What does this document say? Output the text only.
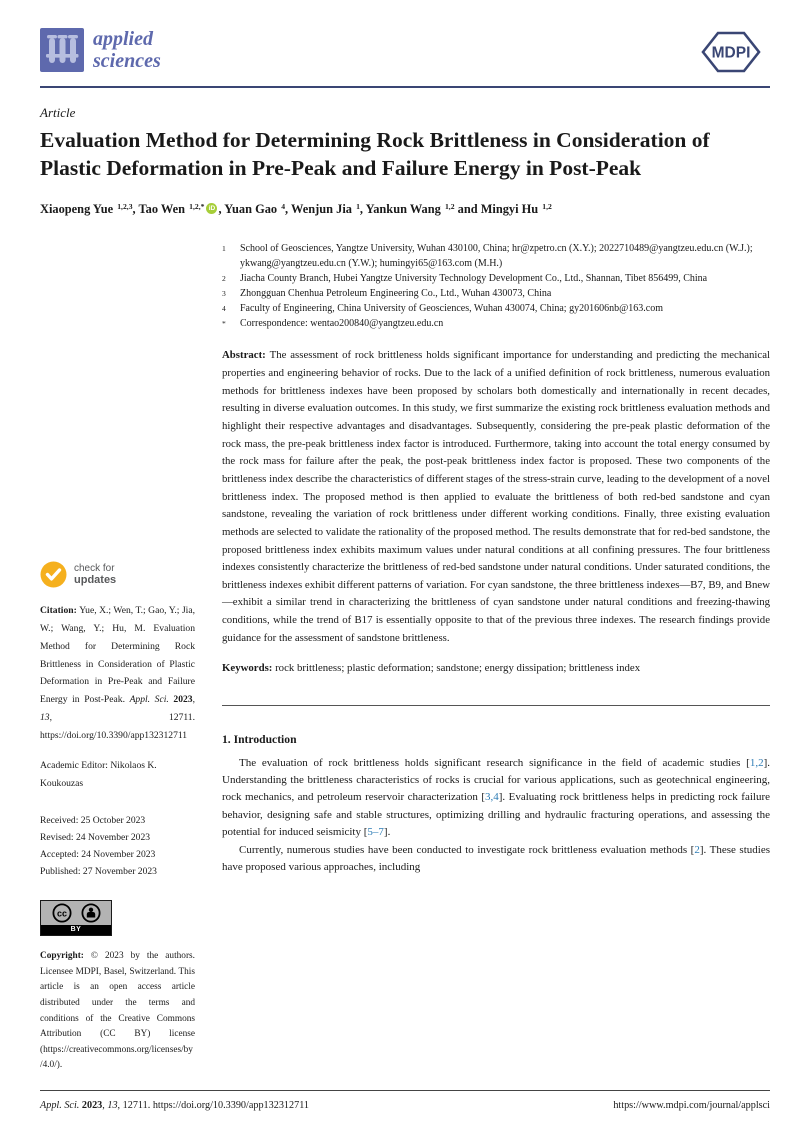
applied
sciences	MDPI
Article
Evaluation Method for Determining Rock Brittleness in Consideration of Plastic Deformation in Pre-Peak and Failure Energy in Post-Peak

Xiaopeng Yue $^{1,2,3}$, Tao Wen $^{1,2,*}$ iD , Yuan Gao $^4$, Wenjun Jia $^1$, Yankun Wang $^{1,2}$ and Mingyi Hu $^{1,2}$

check for
updates
Citation: Yue, X.; Wen, T.; Gao, Y.; Jia, W.; Wang, Y.; Hu, M. Evaluation Method for Determining Rock Brittleness in Consideration of Plastic Deformation in Pre-Peak and Failure Energy in Post-Peak. Appl. Sci. 2023, 13, 12711. https://doi.org/10.3390/app132312711
Academic Editor: Nikolaos K. Koukouzas
Received: 25 October 2023
Revised: 24 November 2023
Accepted: 24 November 2023
Published: 27 November 2023
cc
BY
Copyright: © 2023 by the authors. Licensee MDPI, Basel, Switzerland. This article is an open access article distributed under the terms and conditions of the Creative Commons Attribution (CC BY) license (https://creativecommons.org/licenses/by/4.0/).
1	School of Geosciences, Yangtze University, Wuhan 430100, China; hr@zpetro.cn (X.Y.); 2022710489@yangtzeu.edu.cn (W.J.); ykwang@yangtzeu.edu.cn (Y.W.); humingyi65@163.com (M.H.)
2	Jiacha County Branch, Hubei Yangtze University Technology Development Co., Ltd., Shannan, Tibet 856499, China
3	Zhongguan Chenhua Petroleum Engineering Co., Ltd., Wuhan 430073, China
4	Faculty of Engineering, China University of Geosciences, Wuhan 430074, China; gy201606nb@163.com
*	Correspondence: wentao200840@yangtzeu.edu.cn

Abstract: The assessment of rock brittleness holds significant importance for understanding and predicting the mechanical properties and engineering behavior of rocks. Due to the lack of a unified definition of rock brittleness, numerous evaluation methods for brittleness indexes have been proposed by scholars both domestically and internationally in recent decades, resulting in diverse evaluation outcomes. In this study, we first summarize the existing rock brittleness evaluation methods and highlight their respective advantages and disadvantages. Subsequently, considering the pre-peak plastic deformation of the rock mass, the pre-peak brittleness index factor is introduced. Furthermore, taking into account the total energy consumed by the rock mass for failure after the peak, the post-peak brittleness index factor is proposed. These two components of the brittleness index describe the characteristics of different stages of the stress-strain curve, leading to the development of a novel brittleness index. The proposed method is then applied to evaluate the brittleness of both red-bed sandstone and cyan sandstone, revealing the variation of rock brittleness under different working conditions. Finally, three existing evaluation methods are selected to validate the rationality of the proposed method. The results demonstrate that for red-bed sandstone, the proposed brittleness index exhibits maximum values under natural conditions at all confining pressures. The four brittleness indexes consistently characterize the brittleness of red-bed sandstone under natural conditions. Under saturated conditions, the brittleness indexes exhibit different patterns of variation. For cyan sandstone, the three brittleness indexes—B7, B9, and Bnew—exhibit a similar trend in characterizing the brittleness of cyan sandstone under natural conditions and freezing-thawing conditions, while the trend of B17 is essentially opposite to that of the previous three indexes. The research findings provide guidance for the assessment of sandstone brittleness.

Keywords: rock brittleness; plastic deformation; sandstone; energy dissipation; brittleness index

1. Introduction

The evaluation of rock brittleness holds significant research significance in the field of academic studies [1,2]. Understanding the brittleness characteristics of rocks is crucial for various applications, such as geotechnical engineering, rock mechanics, and petroleum reservoir characterization [3,4]. Evaluating rock brittleness helps in predicting rock failure behavior, designing safe and stable structures, optimizing drilling and hydraulic fracturing operations, and assessing the potential for induced seismicity [5–7].

Currently, numerous studies have been conducted to investigate rock brittleness evaluation methods [2]. These studies have proposed various approaches, including

Appl. Sci. 2023, 13, 12711. https://doi.org/10.3390/app132312711	https://www.mdpi.com/journal/applsci
